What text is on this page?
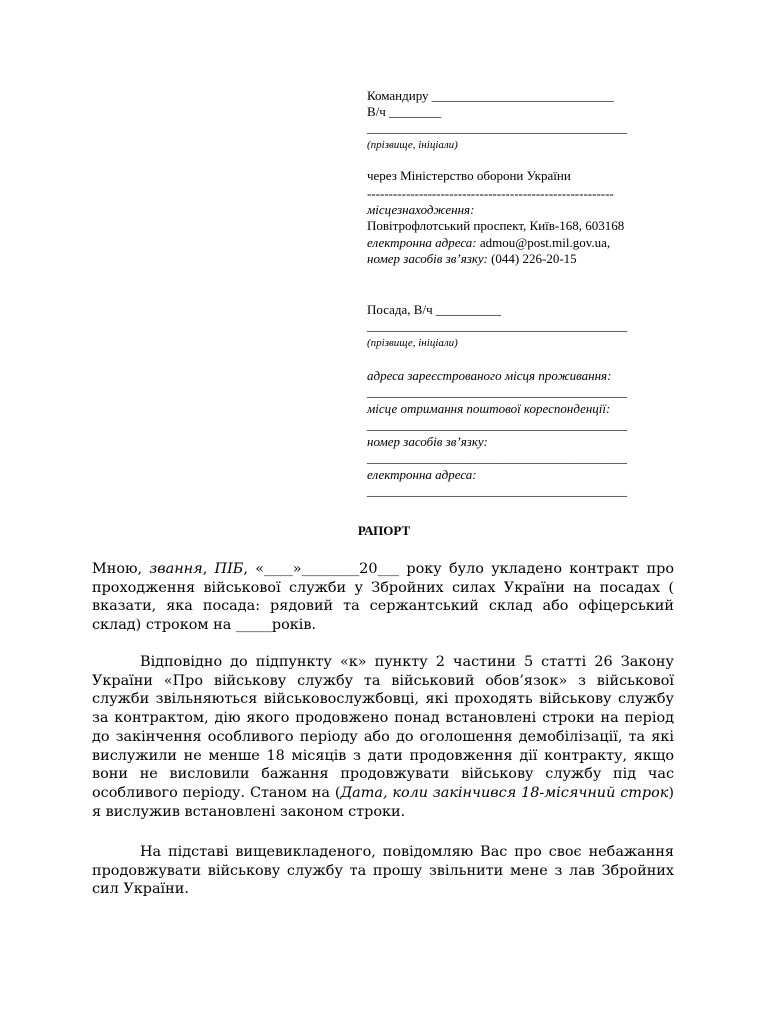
Командиру ____________________________
В/ч ________
________________________________________
(прізвище, ініціали)
через Міністерство оборони України
---------------------------------------------------------
місцезнаходження:
Повітрофлотський проспект, Київ-168, 603168
електронна адреса: admou@post.mil.gov.ua,
номер засобів зв’язку: (044) 226-20-15
Посада, В/ч __________
________________________________________
(прізвище, ініціали)
адреса зареєстрованого місця проживання:
________________________________________
місце отримання поштової кореспонденції:
________________________________________
номер засобів зв’язку:
________________________________________
електронна адреса:
________________________________________
РАПОРТ

Мною, звання, ПІБ, «____»________20___ року було укладено контракт про проходження військової служби у Збройних силах України на посадах ( вказати, яка посада: рядовий та сержантський склад або офіцерський склад) строком на _____років.

Відповідно до підпункту «к» пункту 2 частини 5 статті 26 Закону України «Про військову службу та військовий обов’язок» з військової служби звільняються військовослужбовці, які проходять військову службу за контрактом, дію якого продовжено понад встановлені строки на період до закінчення особливого періоду або до оголошення демобілізації, та які вислужили не менше 18 місяців з дати продовження дії контракту, якщо вони не висловили бажання продовжувати військову службу під час особливого періоду. Станом на (Дата, коли закінчився 18-місячний строк) я вислужив встановлені законом строки.

На підставі вищевикладеного, повідомляю Вас про своє небажання продовжувати військову службу та прошу звільнити мене з лав Збройних сил України.
